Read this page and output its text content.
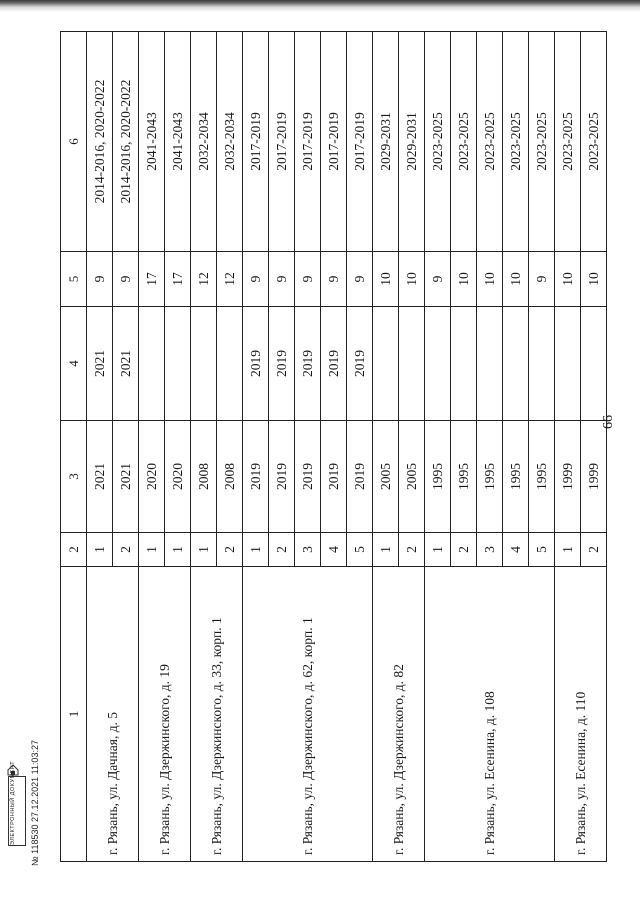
66
1	2	3	4	5	6
г. Рязань, ул. Дачная, д. 5	1	2021	2021	9	2014-2016, 2020-2022
	2	2021	2021	9	2014-2016, 2020-2022
г. Рязань, ул. Дзержинского, д. 19	1	2020		17	2041-2043
	1	2020		17	2041-2043
г. Рязань, ул. Дзержинского, д. 33, корп. 1	1	2008		12	2032-2034
	2	2008		12	2032-2034
г. Рязань, ул. Дзержинского, д. 62, корп. 1	1	2019	2019	9	2017-2019
	2	2019	2019	9	2017-2019
	3	2019	2019	9	2017-2019
	4	2019	2019	9	2017-2019
	5	2019	2019	9	2017-2019
г. Рязань, ул. Дзержинского, д. 82	1	2005		10	2029-2031
	2	2005		10	2029-2031
г. Рязань, ул. Есенина, д. 108	1	1995		9	2023-2025
	2	1995		10	2023-2025
	3	1995		10	2023-2025
	4	1995		10	2023-2025
	5	1995		9	2023-2025
г. Рязань, ул. Есенина, д. 110	1	1999		10	2023-2025
	2	1999		10	2023-2025
ЭЛЕКТРОННЫЙ ДОКУМЕНТ
№ 118530 27.12.2021 11:03:27
